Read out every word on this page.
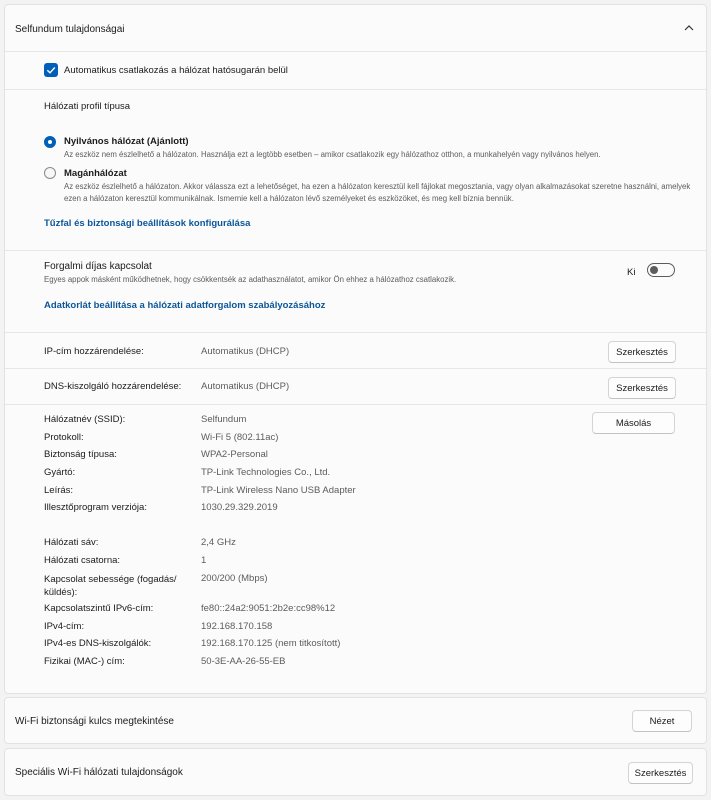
Selfundum tulajdonságai
Automatikus csatlakozás a hálózat hatósugarán belül
Hálózati profil típusa
Nyilvános hálózat (Ajánlott)
Az eszköz nem észlelhető a hálózaton. Használja ezt a legtöbb esetben – amikor csatlakozik egy hálózathoz otthon, a munkahelyén vagy nyilvános helyen.
Magánhálózat
Az eszköz észlelhető a hálózaton. Akkor válassza ezt a lehetőséget, ha ezen a hálózaton keresztül kell fájlokat megosztania, vagy olyan alkalmazásokat szeretne használni, amelyek ezen a hálózaton keresztül kommunikálnak. Ismernie kell a hálózaton lévő személyeket és eszközöket, és meg kell bíznia bennük.
Tűzfal és biztonsági beállítások konfigurálása
Forgalmi díjas kapcsolat
Egyes appok másként működhetnek, hogy csökkentsék az adathasználatot, amikor Ön ehhez a hálózathoz csatlakozik.
Ki
Adatkorlát beállítása a hálózati adatforgalom szabályozásához
IP-cím hozzárendelése:	Automatikus (DHCP)	Szerkesztés
DNS-kiszolgáló hozzárendelése: Automatikus (DHCP)	Szerkesztés
Másolás
Hálózatnév (SSID):	Selfundum
Protokoll:	Wi-Fi 5 (802.11ac)
Biztonság típusa:	WPA2-Personal
Gyártó:	TP-Link Technologies Co., Ltd.
Leírás:	TP-Link Wireless Nano USB Adapter
Illesztőprogram verziója:	1030.29.329.2019
Hálózati sáv:	2,4 GHz
Hálózati csatorna:	1
Kapcsolat sebessége (fogadás/ küldés):
200/200 (Mbps)
Kapcsolatszintű IPv6-cím:	fe80::24a2:9051:2b2e:cc98%12
IPv4-cím:	192.168.170.158
IPv4-es DNS-kiszolgálók:	192.168.170.125 (nem titkosított)
Fizikai (MAC-) cím:	50-3E-AA-26-55-EB
Wi-Fi biztonsági kulcs megtekintése	Nézet
Speciális Wi-Fi hálózati tulajdonságok	Szerkesztés
